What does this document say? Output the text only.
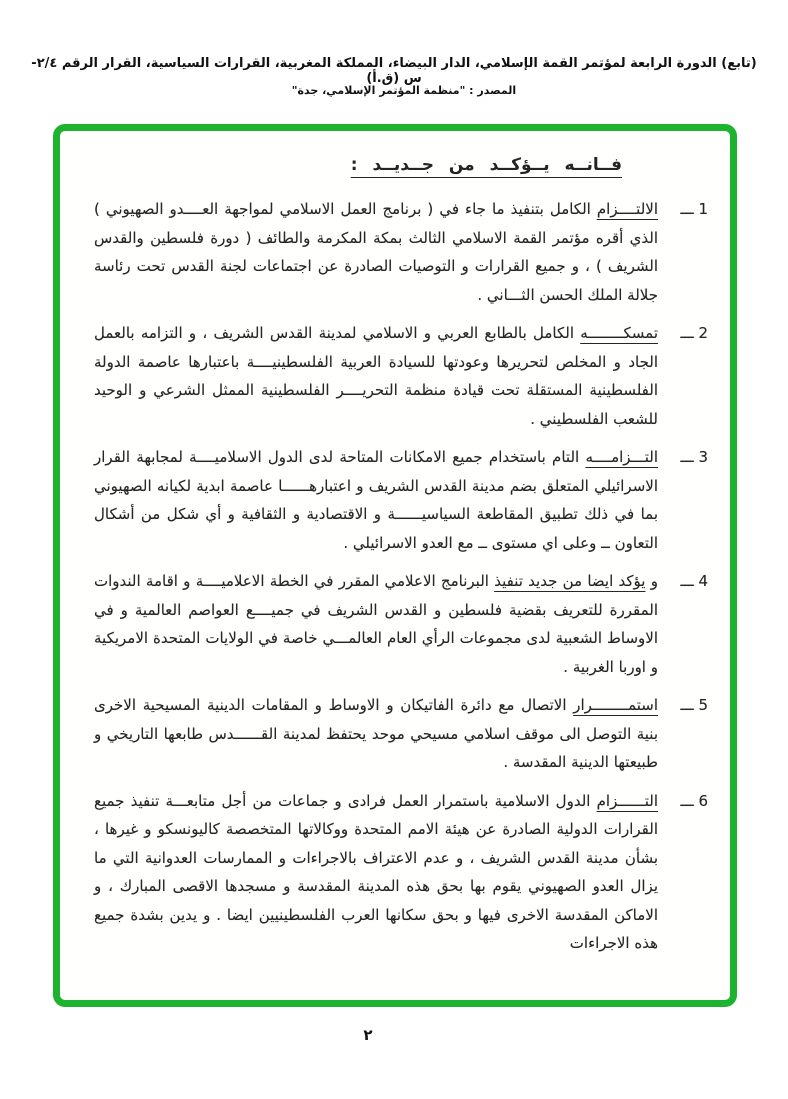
(تابع) الدورة الرابعة لمؤتمر القمة الإسلامي، الدار البيضاء، المملكة المغربية، القرارات السياسية، القرار الرقم ٢/٤-س (ق.أ)
المصدر : "منظمة المؤتمر الإسلامي، جدة"
فــانــه يــؤكــد من جــديــد :
1 ـــ
الالتــــزام الكامل بتنفيذ ما جاء في ( برنامج العمل الاسلامي لمواجهة العــــدو الصهيوني ) الذي أقره مؤتمر القمة الاسلامي الثالث بمكة المكرمة والطائف ( دورة فلسطين والقدس الشريف ) ، و جميع القرارات و التوصيات الصادرة عن اجتماعات لجنة القدس تحت رئاسة جلالة الملك الحسن الثـــاني .
2 ـــ
تمسكــــــــه الكامل بالطابع العربي و الاسلامي لمدينة القدس الشريف ، و التزامه بالعمل الجاد و المخلص لتحريرها وعودتها للسيادة العربية الفلسطينيــــة باعتبارها عاصمة الدولة الفلسطينية المستقلة تحت قيادة منظمة التحريــــر الفلسطينية الممثل الشرعي و الوحيد للشعب الفلسطيني .
3 ـــ
التـــزامــــه التام باستخدام جميع الامكانات المتاحة لدى الدول الاسلاميــــة لمجابهة القرار الاسرائيلي المتعلق بضم مدينة القدس الشريف و اعتبارهــــــا عاصمة ابدية لكيانه الصهيوني بما في ذلك تطبيق المقاطعة السياسيــــــة و الاقتصادية و الثقافية و أي شكل من أشكال التعاون ــ وعلى اي مستوى ــ مع العدو الاسرائيلي .
4 ـــ
و يؤكد ايضا من جديد تنفيذ البرنامج الاعلامي المقرر في الخطة الاعلاميــــة و اقامة الندوات المقررة للتعريف بقضية فلسطين و القدس الشريف في جميــــع العواصم العالمية و في الاوساط الشعبية لدى مجموعات الرأي العام العالمـــي خاصة في الولايات المتحدة الامريكية و اوربا الغربية .
5 ـــ
استمــــــــرار الاتصال مع دائرة الفاتيكان و الاوساط و المقامات الدينية المسيحية الاخرى بنية التوصل الى موقف اسلامي مسيحي موحد يحتفظ لمدينة القــــــدس طابعها التاريخي و طبيعتها الدينية المقدسة .
6 ـــ
التــــــزام الدول الاسلامية باستمرار العمل فرادى و جماعات من أجل متابعـــة تنفيذ جميع القرارات الدولية الصادرة عن هيئة الامم المتحدة ووكالاتها المتخصصة كاليونسكو و غيرها ، بشأن مدينة القدس الشريف ، و عدم الاعتراف بالاجراءات و الممارسات العدوانية التي ما يزال العدو الصهيوني يقوم بها بحق هذه المدينة المقدسة و مسجدها الاقصى المبارك ، و الاماكن المقدسة الاخرى فيها و بحق سكانها العرب الفلسطينيين ايضا . و يدين بشدة جميع هذه الاجراءات
٢
